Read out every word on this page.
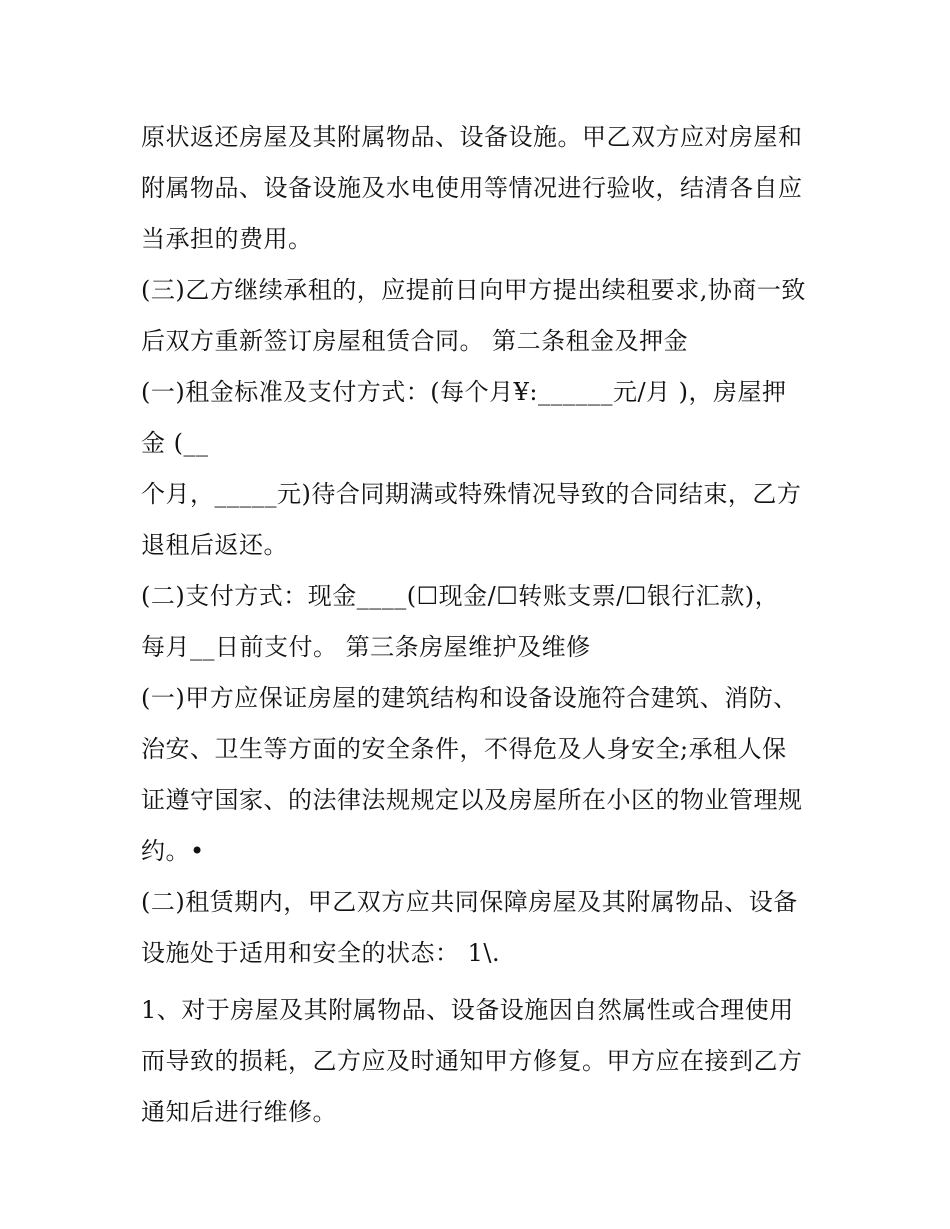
原状返还房屋及其附属物品、设备设施。甲乙双方应对房屋和
附属物品、设备设施及水电使用等情况进行验收，结清各自应
当承担的费用。
(三)乙方继续承租的，应提前日向甲方提出续租要求,协商一致
后双方重新签订房屋租赁合同。 第二条租金及押金
(一)租金标准及支付方式：(每个月¥:______元/月 )，房屋押
金 (__
个月，_____元)待合同期满或特殊情况导致的合同结束，乙方
退租后返还。
(二)支付方式：现金____(☐现金/☐转账支票/☐银行汇款)，
每月__日前支付。 第三条房屋维护及维修
(一)甲方应保证房屋的建筑结构和设备设施符合建筑、消防、
治安、卫生等方面的安全条件，不得危及人身安全;承租人保
证遵守国家、的法律法规规定以及房屋所在小区的物业管理规
约。•
(二)租赁期内，甲乙双方应共同保障房屋及其附属物品、设备
设施处于适用和安全的状态： 1\.
1、对于房屋及其附属物品、设备设施因自然属性或合理使用
而导致的损耗，乙方应及时通知甲方修复。甲方应在接到乙方
通知后进行维修。
